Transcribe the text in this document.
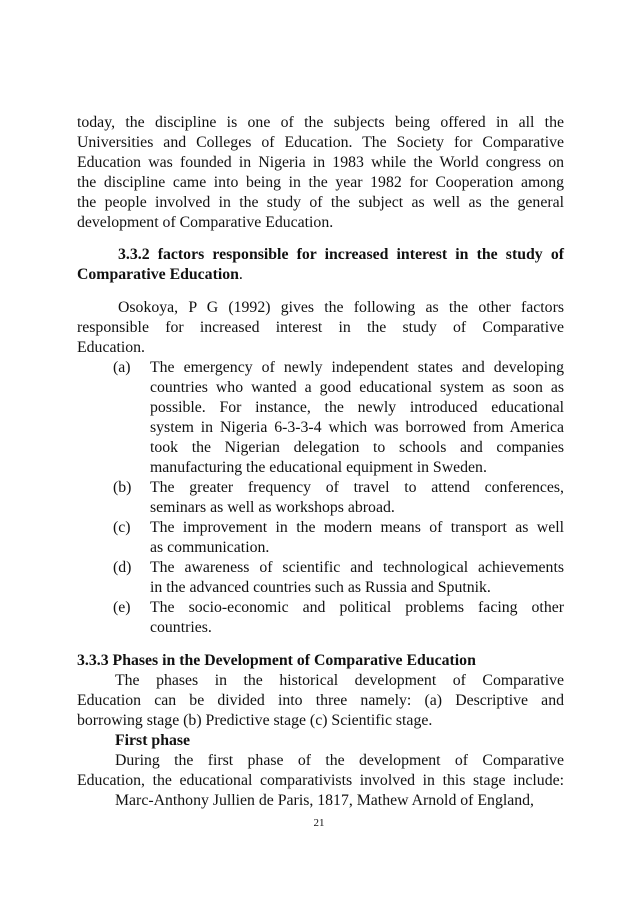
today, the discipline is one of the subjects being offered in all the
Universities and Colleges of Education. The Society for Comparative
Education was founded in Nigeria in 1983 while the World congress on
the discipline came into being in the year 1982 for Cooperation among
the people involved in the study of the subject as well as the general
development of Comparative Education.
3.3.2 factors responsible for increased interest in the study of
Comparative Education.
Osokoya, P G (1992) gives the following as the other factors
responsible for increased interest in the study of Comparative
Education.
(a) The emergency of newly independent states and developing
countries who wanted a good educational system as soon as
possible. For instance, the newly introduced educational
system in Nigeria 6-3-3-4 which was borrowed from America
took the Nigerian delegation to schools and companies
manufacturing the educational equipment in Sweden.
(b) The greater frequency of travel to attend conferences,
seminars as well as workshops abroad.
(c) The improvement in the modern means of transport as well
as communication.
(d) The awareness of scientific and technological achievements
in the advanced countries such as Russia and Sputnik.
(e) The socio-economic and political problems facing other
countries.
3.3.3 Phases in the Development of Comparative Education
The phases in the historical development of Comparative
Education can be divided into three namely: (a) Descriptive and
borrowing stage (b) Predictive stage (c) Scientific stage.
First phase
During the first phase of the development of Comparative
Education, the educational comparativists involved in this stage include:
Marc-Anthony Jullien de Paris, 1817, Mathew Arnold of England,
21
